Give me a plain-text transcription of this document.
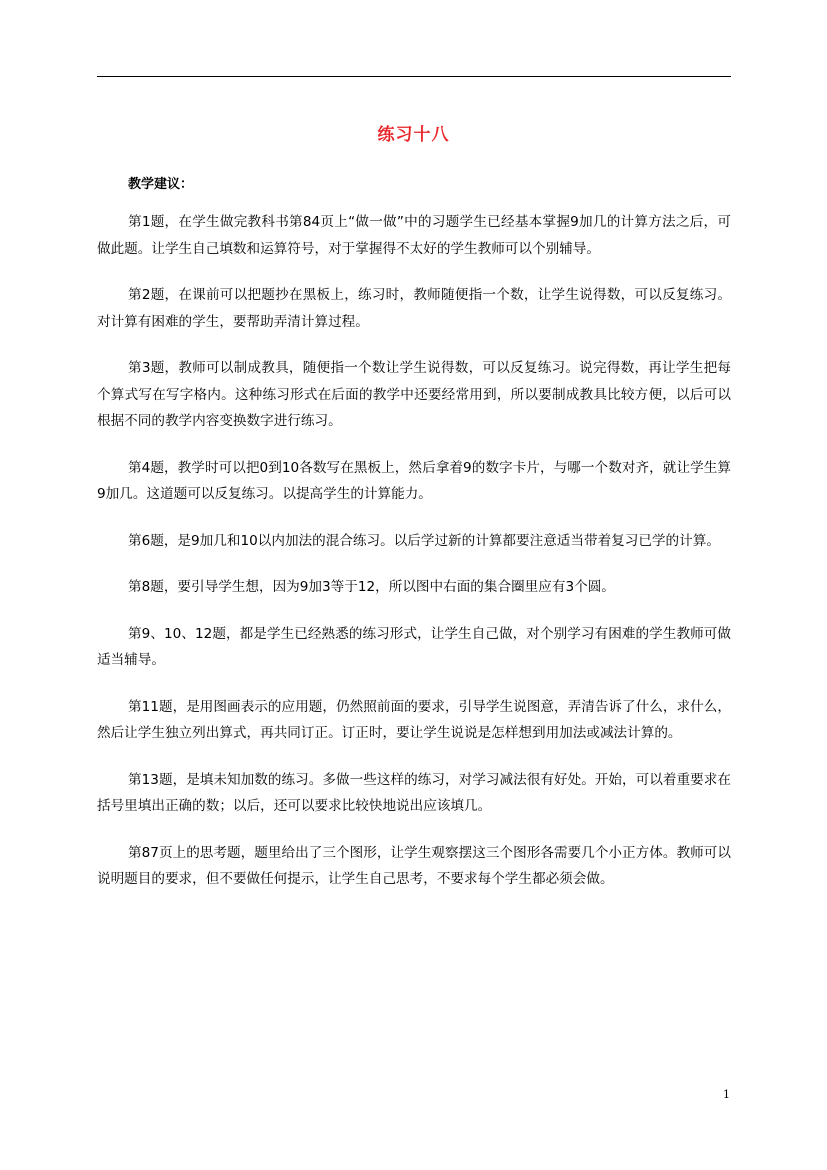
练习十八
教学建议：

第1题，在学生做完教科书第84页上“做一做”中的习题学生已经基本掌握9加几的计算方法之后，可做此题。让学生自己填数和运算符号，对于掌握得不太好的学生教师可以个别辅导。

第2题，在课前可以把题抄在黑板上，练习时，教师随便指一个数，让学生说得数，可以反复练习。对计算有困难的学生，要帮助弄清计算过程。

第3题，教师可以制成教具，随便指一个数让学生说得数，可以反复练习。说完得数，再让学生把每个算式写在写字格内。这种练习形式在后面的教学中还要经常用到，所以要制成教具比较方便，以后可以根据不同的教学内容变换数字进行练习。

第4题，教学时可以把0到10各数写在黑板上，然后拿着9的数字卡片，与哪一个数对齐，就让学生算9加几。这道题可以反复练习。以提高学生的计算能力。

第6题，是9加几和10以内加法的混合练习。以后学过新的计算都要注意适当带着复习已学的计算。

第8题，要引导学生想，因为9加3等于12，所以图中右面的集合圈里应有3个圆。

第9、10、12题，都是学生已经熟悉的练习形式，让学生自己做，对个别学习有困难的学生教师可做适当辅导。

第11题，是用图画表示的应用题，仍然照前面的要求，引导学生说图意，弄清告诉了什么，求什么，然后让学生独立列出算式，再共同订正。订正时，要让学生说说是怎样想到用加法或减法计算的。

第13题，是填未知加数的练习。多做一些这样的练习，对学习减法很有好处。开始，可以着重要求在括号里填出正确的数；以后，还可以要求比较快地说出应该填几。

第87页上的思考题，题里给出了三个图形，让学生观察摆这三个图形各需要几个小正方体。教师可以说明题目的要求，但不要做任何提示，让学生自己思考，不要求每个学生都必须会做。

1
